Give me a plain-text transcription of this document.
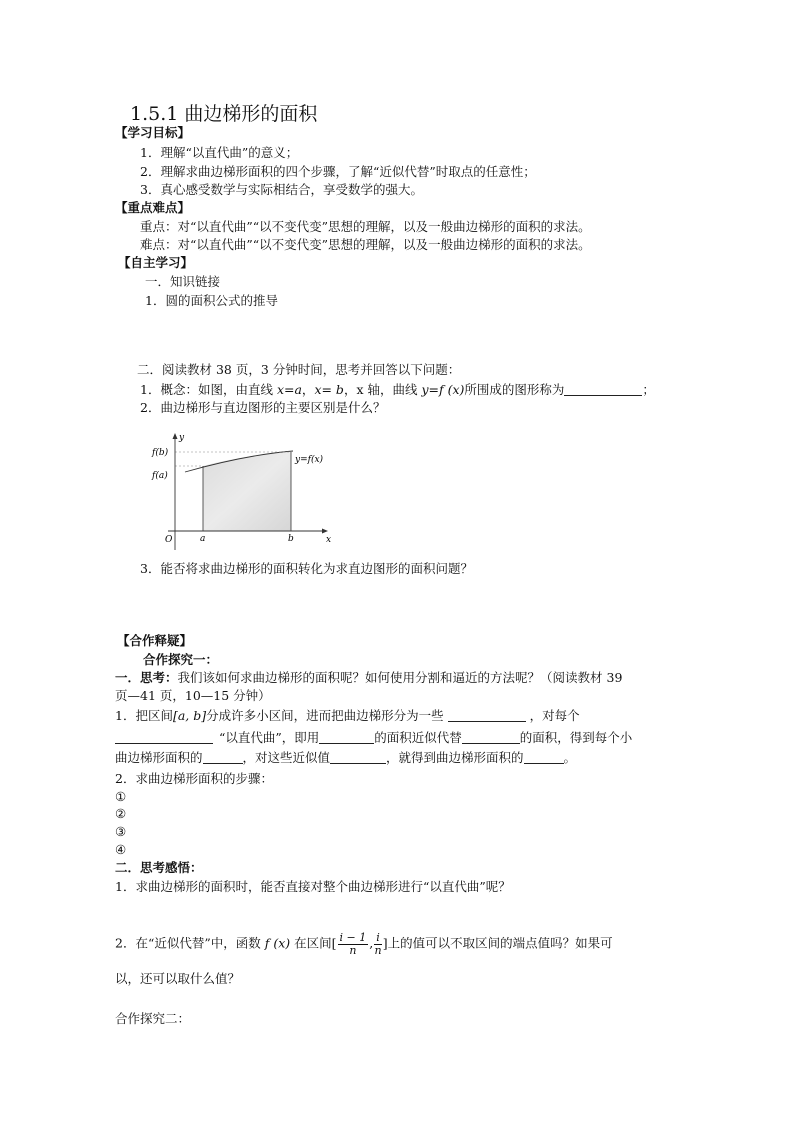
1.5.1 曲边梯形的面积
【学习目标】
1．理解“以直代曲”的意义；
2．理解求曲边梯形面积的四个步骤，了解“近似代替”时取点的任意性；
3．真心感受数学与实际相结合，享受数学的强大。
【重点难点】
重点：对“以直代曲”“以不变代变”思想的理解，以及一般曲边梯形的面积的求法。
难点：对“以直代曲”“以不变代变”思想的理解，以及一般曲边梯形的面积的求法。
【自主学习】
一．知识链接
1．圆的面积公式的推导
二．阅读教材 38 页，3 分钟时间，思考并回答以下问题：
1．概念：如图，由直线 x=a，x= b，x 轴，曲线 y=f (x)所围成的图形称为	；
2．曲边梯形与直边图形的主要区别是什么？
y
x
f(b)
f(a)
y=f(x)
O	a	b
3．能否将求曲边梯形的面积转化为求直边图形的面积问题？
【合作释疑】
合作探究一：
一．思考：我们该如何求曲边梯形的面积呢？如何使用分割和逼近的方法呢？（阅读教材 39
页—41 页，10—15 分钟）
1．把区间[a, b]分成许多小区间，进而把曲边梯形分为一些	，对每个
“以直代曲”，即用	的面积近似代替	的面积，得到每个小
曲边梯形面积的	，对这些近似值	，就得到曲边梯形面积的	。
2．求曲边梯形面积的步骤：
①
②
③
④
二．思考感悟：
1．求曲边梯形的面积时，能否直接对整个曲边梯形进行“以直代曲”呢？
2．在“近似代替”中，函数 f (x) 在区间[ $\frac{i - 1}{n}$ , $\frac{i}{n}$ ]上的值可以不取区间的端点值吗？如果可
以，还可以取什么值？
合作探究二：
